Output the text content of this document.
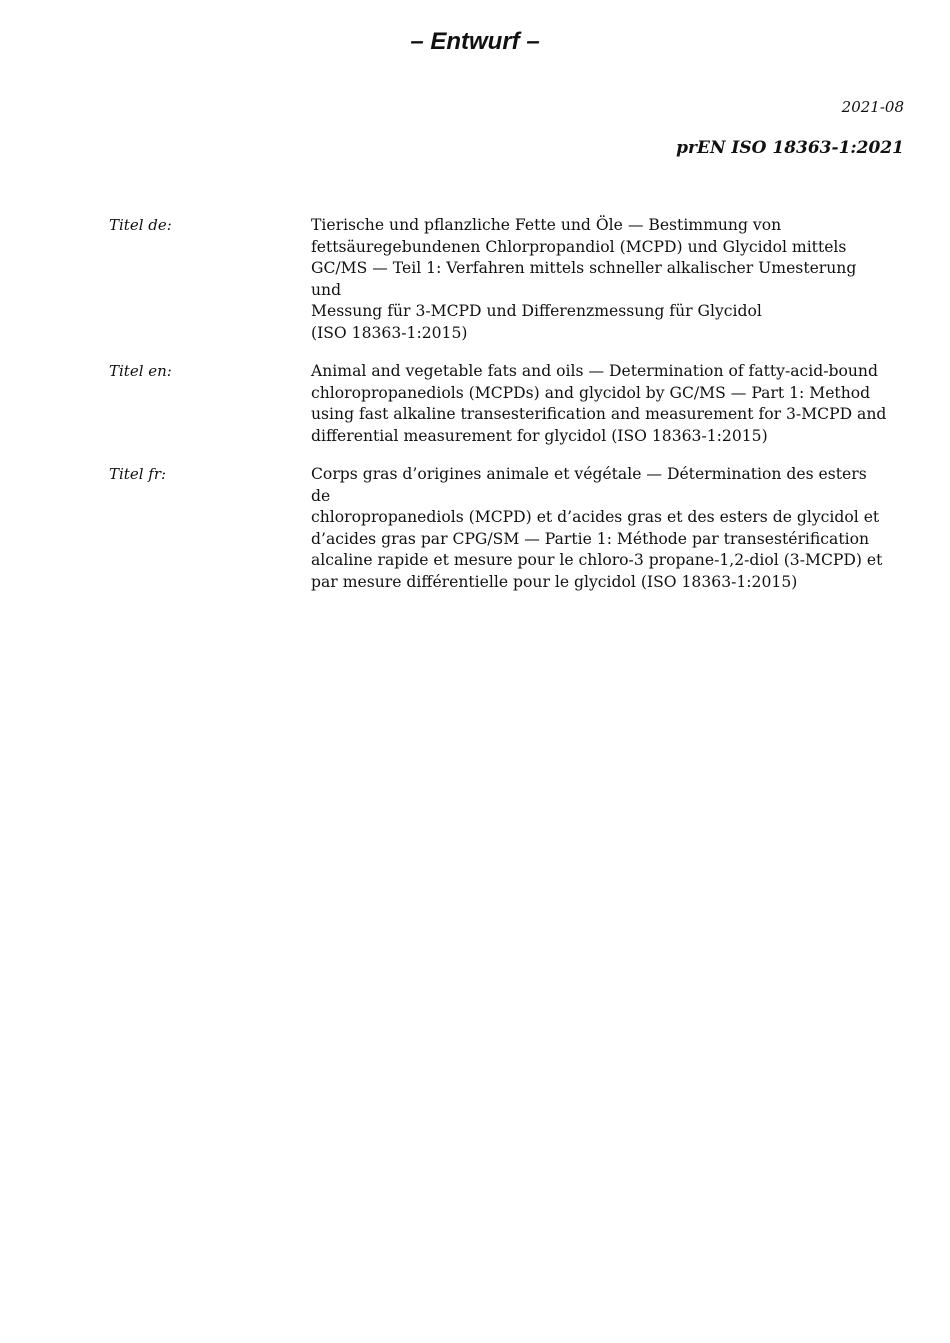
– Entwurf –
2021-08
prEN ISO 18363-1:2021
Titel de:	Tierische und pflanzliche Fette und Öle — Bestimmung von
fettsäuregebundenen Chlorpropandiol (MCPD) und Glycidol mittels
GC/MS — Teil 1: Verfahren mittels schneller alkalischer Umesterung und
Messung für 3-MCPD und Differenzmessung für Glycidol
(ISO 18363-1:2015)
Titel en:	Animal and vegetable fats and oils — Determination of fatty-acid-bound
chloropropanediols (MCPDs) and glycidol by GC/MS — Part 1: Method
using fast alkaline transesterification and measurement for 3-MCPD and
differential measurement for glycidol (ISO 18363-1:2015)
Titel fr:	Corps gras d’origines animale et végétale — Détermination des esters de
chloropropanediols (MCPD) et d’acides gras et des esters de glycidol et
d’acides gras par CPG/SM — Partie 1: Méthode par transestérification
alcaline rapide et mesure pour le chloro-3 propane-1,2-diol (3-MCPD) et
par mesure différentielle pour le glycidol (ISO 18363-1:2015)
